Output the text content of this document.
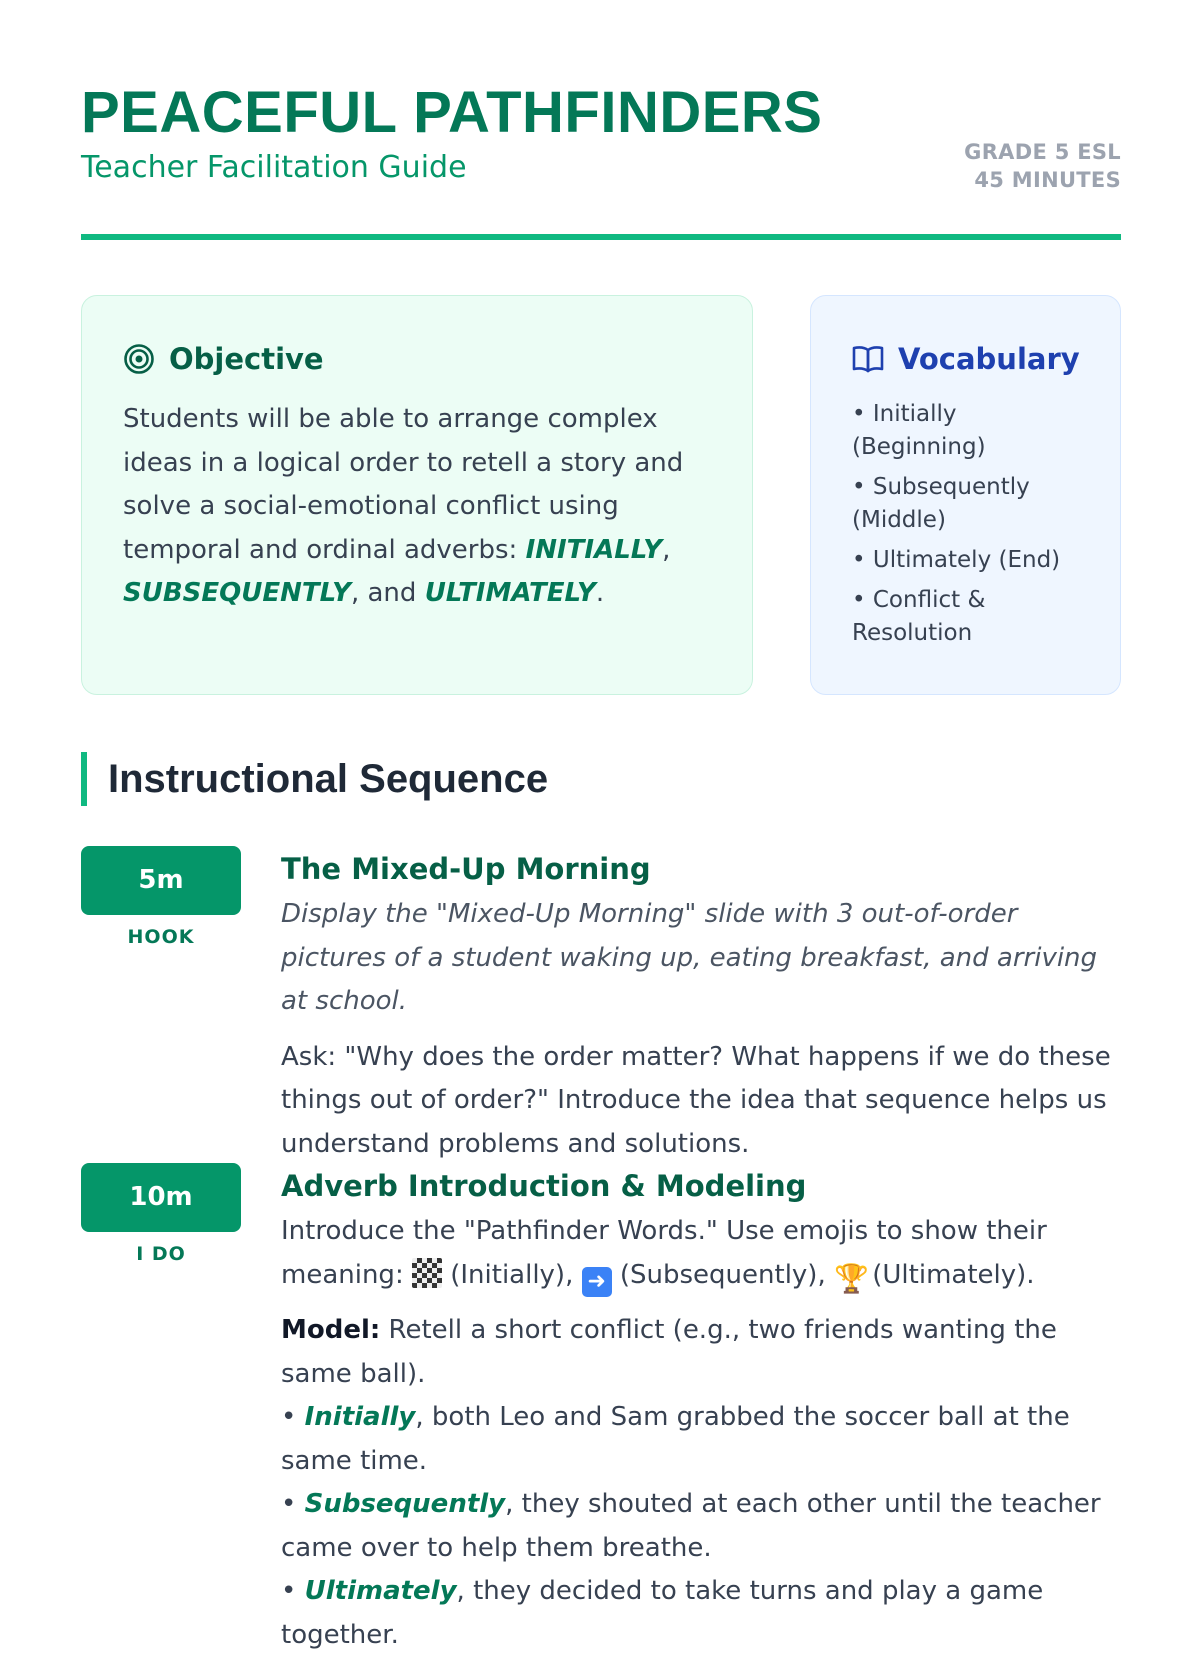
PEACEFUL PATHFINDERS
Teacher Facilitation Guide	GRADE 5 ESL
45 MINUTES
Objective
Students will be able to arrange complex ideas in a logical order to retell a story and solve a social-emotional conflict using temporal and ordinal adverbs: INITIALLY, SUBSEQUENTLY, and ULTIMATELY.
Vocabulary
• Initially (Beginning)
• Subsequently (Middle)
• Ultimately (End)
• Conflict & Resolution
Instructional Sequence
5m
HOOK
The Mixed-Up Morning
Display the "Mixed-Up Morning" slide with 3 out-of-order pictures of a student waking up, eating breakfast, and arriving at school.
Ask: "Why does the order matter? What happens if we do these things out of order?" Introduce the idea that sequence helps us understand problems and solutions.
10m
I DO
Adverb Introduction & Modeling
Introduce the "Pathfinder Words." Use emojis to show their meaning:  (Initially), ➜ (Subsequently), 🏆 (Ultimately).
Model: Retell a short conflict (e.g., two friends wanting the same ball).
• Initially, both Leo and Sam grabbed the soccer ball at the same time.
• Subsequently, they shouted at each other until the teacher came over to help them breathe.
• Ultimately, they decided to take turns and play a game together.
